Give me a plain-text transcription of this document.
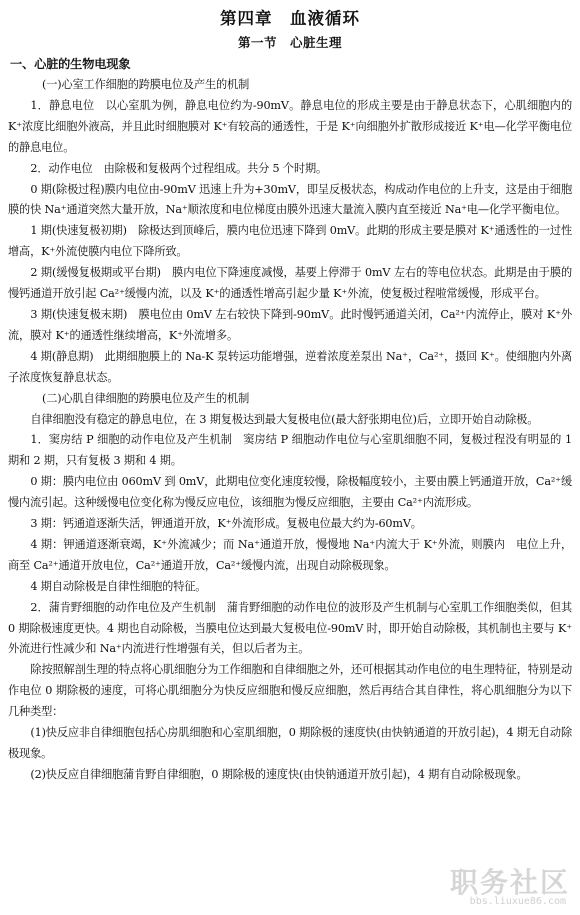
第四章　血液循环
第一节　心脏生理
一、心脏的生物电现象
(一)心室工作细胞的跨膜电位及产生的机制

1．静息电位　以心室肌为例，静息电位约为-90mV。静息电位的形成主要是由于静息状态下，心肌细胞内的 K⁺浓度比细胞外液高，并且此时细胞膜对 K⁺有较高的通透性，于是 K⁺向细胞外扩散形成接近 K⁺电—化学平衡电位的静息电位。

2．动作电位　由除极和复极两个过程组成。共分 5 个时期。

0 期(除极过程)膜内电位由-90mV 迅速上升为+30mV，即呈反极状态，构成动作电位的上升支，这是由于细胞膜的快 Na⁺通道突然大量开放，Na⁺顺浓度和电位梯度由膜外迅速大量流入膜内直至接近 Na⁺电—化学平衡电位。

1 期(快速复极初期)　除极达到顶峰后，膜内电位迅速下降到 0mV。此期的形成主要是膜对 K⁺通透性的一过性增高，K⁺外流使膜内电位下降所致。

2 期(缓慢复极期或平台期)　膜内电位下降速度减慢，基要上停滞于 0mV 左右的等电位状态。此期是由于膜的慢钙通道开放引起 Ca²⁺缓慢内流，以及 K⁺的通透性增高引起少量 K⁺外流，使复极过程啦常缓慢，形成平台。

3 期(快速复极末期)　膜电位由 0mV 左右较快下降到-90mV。此时慢钙通道关闭，Ca²⁺内流停止，膜对 K⁺外流，膜对 K⁺的通透性继续增高，K⁺外流增多。

4 期(静息期)　此期细胞膜上的 Na-K 泵转运功能增强，逆着浓度差泵出 Na⁺，Ca²⁺，摄回 K⁺。使细胞内外离子浓度恢复静息状态。

(二)心肌自律细胞的跨膜电位及产生的机制

自律细胞没有稳定的静息电位，在 3 期复极达到最大复极电位(最大舒张期电位)后，立即开始自动除极。

1．窦房结 P 细胞的动作电位及产生机制　窦房结 P 细胞动作电位与心室肌细胞不同，复极过程没有明显的 1 期和 2 期，只有复极 3 期和 4 期。

0 期：膜内电位由 060mV 到 0mV，此期电位变化速度较慢，除极幅度较小，主要由膜上钙通道开放，Ca²⁺缓慢内流引起。这种缓慢电位变化称为慢反应电位，该细胞为慢反应细胞，主要由 Ca²⁺内流形成。

3 期：钙通道逐渐失活，钾通道开放，K⁺外流形成。复极电位最大约为-60mV。

4 期：钾通道逐渐衰竭，K⁺外流减少；而 Na⁺通道开放，慢慢地 Na⁺内流大于 K⁺外流，则膜内　电位上升，商至 Ca²⁺通道开放电位，Ca²⁺通道开放，Ca²⁺缓慢内流，出现自动除极现象。

4 期自动除极是自律性细胞的特征。

2．蒲肯野细胞的动作电位及产生机制　蒲肯野细胞的动作电位的波形及产生机制与心室肌工作细胞类似，但其 0 期除极速度更快。4 期也自动除极，当膜电位达到最大复极电位-90mV 时，即开始自动除极，其机制也主要与 K⁺外流进行性减少和 Na⁺内流进行性增强有关，但以后者为主。

除按照解剖生理的特点将心肌细胞分为工作细胞和自律细胞之外，还可根据其动作电位的电生理特征，特别是动作电位 0 期除极的速度，可将心肌细胞分为快反应细胞和慢反应细胞，然后再结合其自律性，将心肌细胞分为以下几种类型：

(1)快反应非自律细胞包括心房肌细胞和心室肌细胞，0 期除极的速度快(由快钠通道的开放引起)，4 期无自动除极现象。

(2)快反应自律细胞蒲肯野自律细胞，0 期除极的速度快(由快钠通道开放引起)，4 期有自动除极现象。

职务社区
bbs.liuxue86.com
